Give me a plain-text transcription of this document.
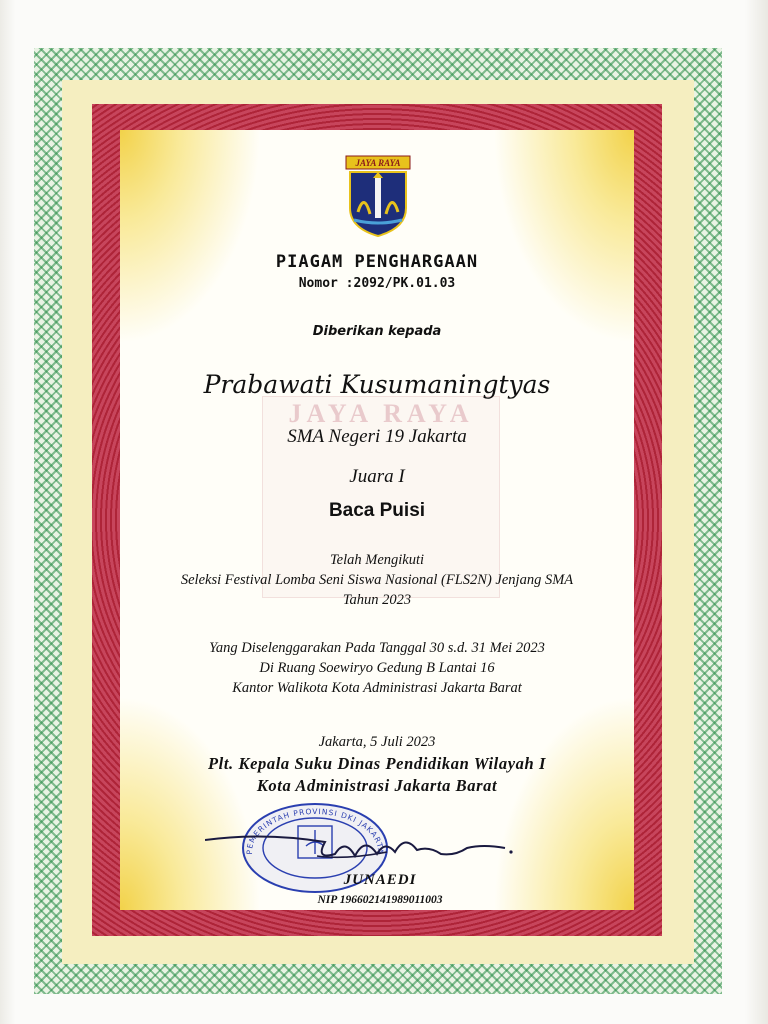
JAYA RAYA
JAYA RAYA
PIAGAM PENGHARGAAN
Nomor :2092/PK.01.03
Diberikan kepada
Prabawati Kusumaningtyas
SMA Negeri 19 Jakarta
Juara I
Baca Puisi
Telah Mengikuti
Seleksi Festival Lomba Seni Siswa Nasional (FLS2N) Jenjang SMA
Tahun 2023
Yang Diselenggarakan Pada Tanggal 30 s.d. 31 Mei 2023
Di Ruang Soewiryo Gedung B Lantai 16
Kantor Walikota Kota Administrasi Jakarta Barat
Jakarta, 5 Juli 2023
Plt. Kepala Suku Dinas Pendidikan Wilayah I
Kota Administrasi Jakarta Barat
PEMERINTAH PROVINSI DKI JAKARTA
JUNAEDI
NIP 196602141989011003
